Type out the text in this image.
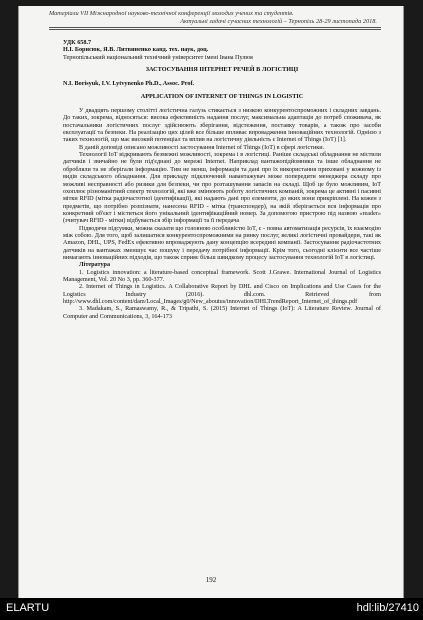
Матеріали VII Міжнародної науково-технічної конференції молодих учених та студентів.
Актуальні задачі сучасних технологій – Тернопіль 28-29 листопада 2018.

УДК 658.7

Н.І. Борисюк, Я.В. Литвиненко канд. тех. наук, доц.

Тернопільський національний технічний університет імені Івана Пулюя

ЗАСТОСУВАННЯ ІНТЕРНЕТ РЕЧЕЙ В ЛОГІСТИЦІ

N.I. Borisyuk, I.V. Lytvynenko Ph.D., Assoc. Prof.

APPLICATION OF INTERNET OF THINGS IN LOGISTIC

У двадцять першому столітті логістична галузь стикається з низкою конкурентоспроможних і складних завдань. До таких, зокрема, відносяться: висока ефективність надання послуг, максимальна адаптація до потреб споживача, як постачальники логістичних послуг здійснюють зберігання, відстеження, поставку товарів, а також про засоби експлуатації та безпеки. На реалізацію цих цілей все більше впливає впровадження інноваційних технологій. Однією з таких технологій, що має високий потенціал та вплив на логістичну діяльність є Internet of Things (IoT) [1].

В даній доповіді описано можливості застосування Internet of Things (IoT) в сфері логістики.

Технології IoT відкривають безмежні можливості, зокрема і в логістиці. Раніше складські обладнання не містили датчиків і звичайно не були під'єднані до мережі Internet. Наприклад вантажопідйомники та інше обладнання не обробляли та не зберігали інформацію. Тим не менш, інформація та дані про їх використання приховані у кожному із видів складського обладнання. Для прикладу підключений навантажувач може попередити менеджера складу про можливі несправності або ризики для безпеки, чи про розташування запасів на складі. Щоб це було можливим, IoT охоплює різноманітний спектр технологій, які вже змінюють роботу логістичних компаній, зокрема це активні і пасивні мітки RFID (мітка радіочастотної ідентифікації), які надають дані про елементи, до яких вони прикріплені. На кожен з предметів, що потрібно розпізнати, нанесена RFID - мітка (транспондер), на якій зберігається вся інформація про конкретний об'єкт і міститься його унікальний ідентифікаційний номер. За допомогою пристрою під назвою «reader» (зчитувач RFID - мітки) відбувається збір інформації та її передача

Підводячи підсумки, можна сказати що головною особливістю IoT, є - повна автоматизація ресурсів, їх взаємодію між собою. Для того, щоб залишатися конкурентоспроможними на ринку послуг, великі логістичні провайдери, такі як Amazon, DHL, UPS, FedEx ефективно впроваджують дану концепцію всередині компанії. Застосування радіочастотних датчиків на вантажах зменшує час пошуку і передачу потрібної інформації. Крім того, сьогодні клієнти все частіше вимагають інноваційних підходів, що також сприяє більш швидкому процесу застосування технологій IoT в логістиці.

Література

1. Logistics innovation: a literature-based conceptual framework. Scott J.Grawe. International Journal of Logistics Management, Vol. 20 No 3, pp. 360-377.

2. Internet of Things in Logistics. A Collaborative Report by DHL and Cisco on Implications and Use Cases for the Logistics Industry (2016). dhl.com. Retrieved from http://www.dhl.com/content/dam/Local_Images/g0/New_aboutus/innovation/DHLTrendReport_Internet_of_things.pdf

3. Madakam, S., Ramaswamy, R., & Tripathi, S. (2015) Internet of Things (IoT): A Literature Review. Journal of Computer and Communications, 3, 164-173

192
ELARTU	hdl:lib/27410
